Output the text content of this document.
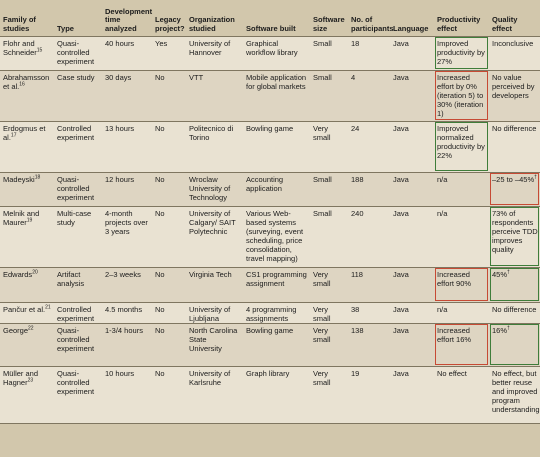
Family of studies	Type	Development time analyzed	Legacy project?	Organization studied	Software built	Software size	No. of participants	Language	Productivity effect	Quality effect
Flohr and Schneider$^{15}$	Quasi-controlled experiment	40 hours	Yes	University of Hannover	Graphical workflow library	Small	18	Java	Improved productivity by 27%	Inconclusive
Abrahamsson et al.$^{16}$	Case study	30 days	No	VTT	Mobile application for global markets	Small	4	Java	Increased effort by 0% (iteration 5) to 30% (iteration 1)	No value perceived by developers
Erdogmus et al.$^{17}$	Controlled experiment	13 hours	No	Politecnico di Torino	Bowling game	Very small	24	Java	Improved normalized productivity by 22%	No difference
Madeyski$^{18}$	Quasi-controlled experiment	12 hours	No	Wroclaw University of Technology	Accounting application	Small	188	Java	n/a	–25 to –45%†
Melnik and Maurer$^{19}$	Multi-case study	4-month projects over 3 years	No	University of Calgary/ SAIT Polytechnic	Various Web-based systems (surveying, event scheduling, price consolidation, travel mapping)	Small	240	Java	n/a	73% of respondents perceive TDD improves quality
Edwards$^{20}$	Artifact analysis	2–3 weeks	No	Virginia Tech	CS1 programming assignment	Very small	118	Java	Increased effort 90%	45%†
Pančur et al.$^{21}$	Controlled experiment	4.5 months	No	University of Ljubljana	4 programming assignments	Very small	38	Java	n/a	No difference
George$^{22}$	Quasi-controlled experiment	1-3/4 hours	No	North Carolina State University	Bowling game	Very small	138	Java	Increased effort 16%	16%†
Müller and Hagner$^{23}$	Quasi-controlled experiment	10 hours	No	University of Karlsruhe	Graph library	Very small	19	Java	No effect	No effect, but better reuse and improved program understanding
